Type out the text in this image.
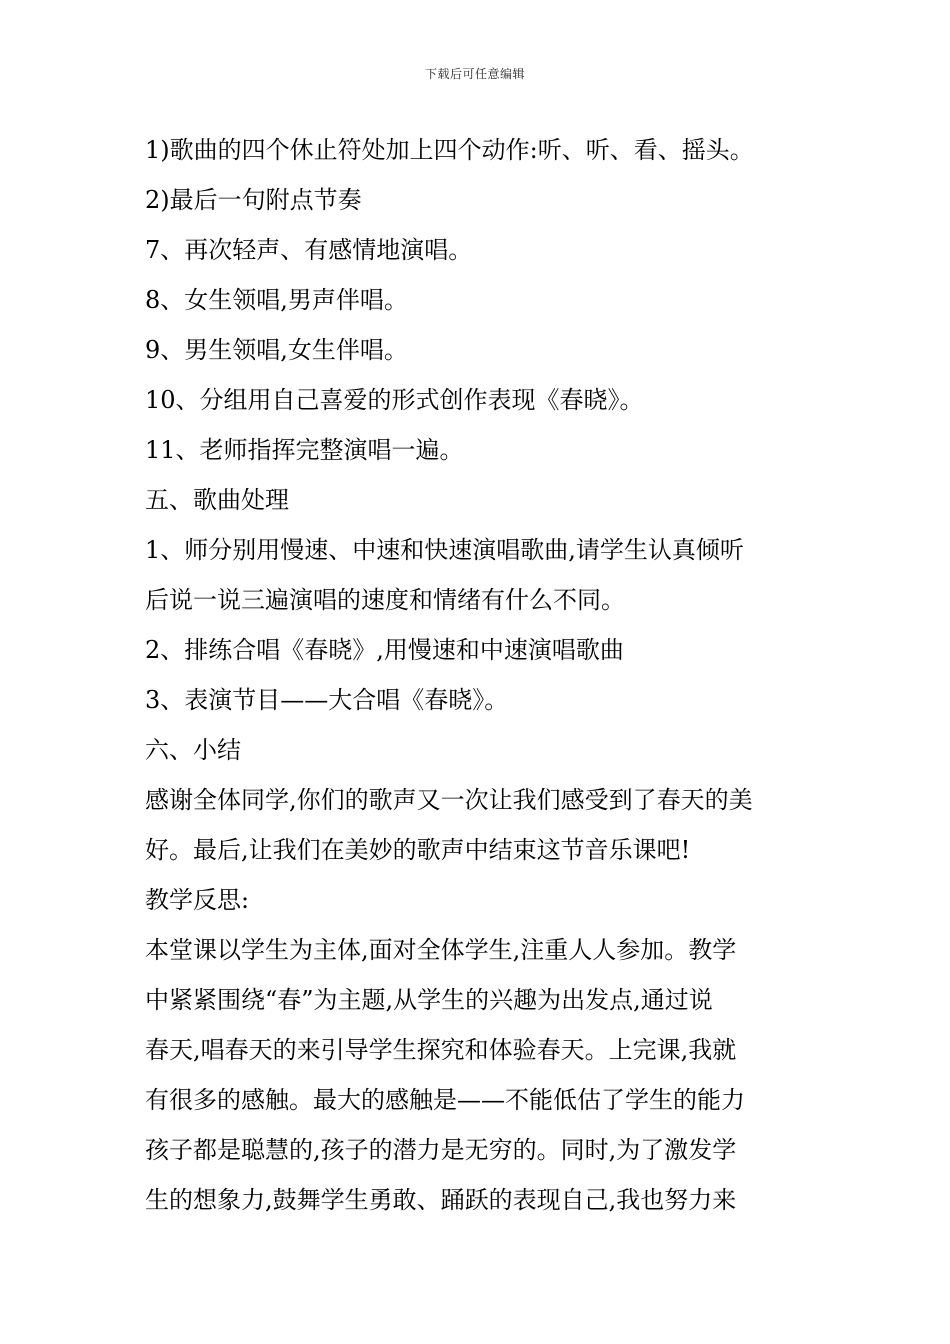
下载后可任意编辑
1)歌曲的四个休止符处加上四个动作:听、听、看、摇头。
2)最后一句附点节奏
7、再次轻声、有感情地演唱。
8、女生领唱,男声伴唱。
9、男生领唱,女生伴唱。
10、分组用自己喜爱的形式创作表现《春晓》。
11、老师指挥完整演唱一遍。
五、歌曲处理
1、师分别用慢速、中速和快速演唱歌曲,请学生认真倾听
后说一说三遍演唱的速度和情绪有什么不同。
2、排练合唱《春晓》,用慢速和中速演唱歌曲
3、表演节目——大合唱《春晓》。
六、小结
感谢全体同学,你们的歌声又一次让我们感受到了春天的美
好。最后,让我们在美妙的歌声中结束这节音乐课吧!
教学反思:
本堂课以学生为主体,面对全体学生,注重人人参加。教学
中紧紧围绕“春”为主题,从学生的兴趣为出发点,通过说
春天,唱春天的来引导学生探究和体验春天。上完课,我就
有很多的感触。最大的感触是——不能低估了学生的能力
孩子都是聪慧的,孩子的潜力是无穷的。同时,为了激发学
生的想象力,鼓舞学生勇敢、踊跃的表现自己,我也努力来
